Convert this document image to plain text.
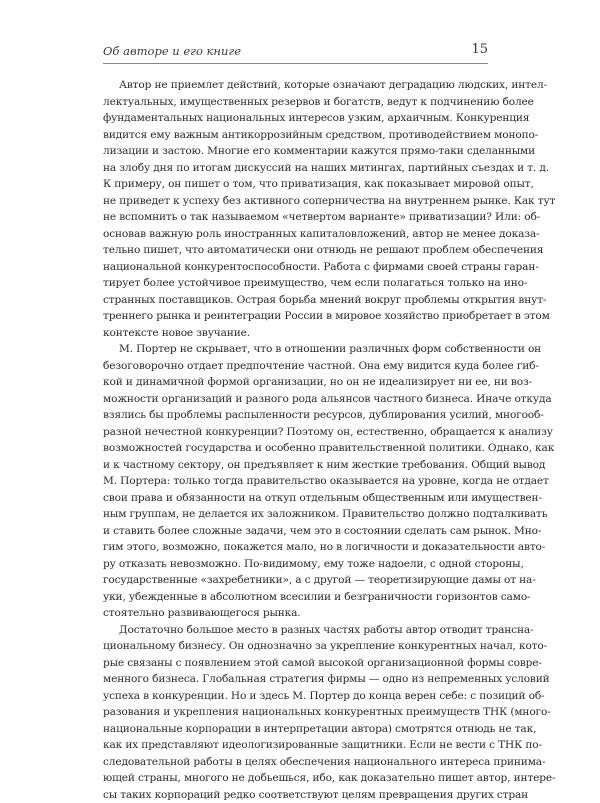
Об авторе и его книге	15
Автор не приемлет действий, которые означают деградацию людских, интел-
лектуальных, имущественных резервов и богатств, ведут к подчинению более
фундаментальных национальных интересов узким, архаичным. Конкуренция
видится ему важным антикоррозийным средством, противодействием монопо-
лизации и застою. Многие его комментарии кажутся прямо-таки сделанными
на злобу дня по итогам дискуссий на наших митингах, партийных съездах и т. д.
К примеру, он пишет о том, что приватизация, как показывает мировой опыт,
не приведет к успеху без активного соперничества на внутреннем рынке. Как тут
не вспомнить о так называемом «четвертом варианте» приватизации? Или: об-
основав важную роль иностранных капиталовложений, автор не менее доказа-
тельно пишет, что автоматически они отнюдь не решают проблем обеспечения
национальной конкурентоспособности. Работа с фирмами своей страны гаран-
тирует более устойчивое преимущество, чем если полагаться только на ино-
странных поставщиков. Острая борьба мнений вокруг проблемы открытия внут-
треннего рынка и реинтеграции России в мировое хозяйство приобретает в этом
контексте новое звучание.
М. Портер не скрывает, что в отношении различных форм собственности он
безоговорочно отдает предпочтение частной. Она ему видится куда более гиб-
кой и динамичной формой организации, но он не идеализирует ни ее, ни воз-
можности организаций и разного рода альянсов частного бизнеса. Иначе откуда
взялись бы проблемы распыленности ресурсов, дублирования усилий, многооб-
разной нечестной конкуренции? Поэтому он, естественно, обращается к анализу
возможностей государства и особенно правительственной политики. Однако, как
и к частному сектору, он предъявляет к ним жесткие требования. Общий вывод
М. Портера: только тогда правительство оказывается на уровне, когда не отдает
свои права и обязанности на откуп отдельным общественным или имуществен-
ным группам, не делается их заложником. Правительство должно подталкивать
и ставить более сложные задачи, чем это в состоянии сделать сам рынок. Мно-
гим этого, возможно, покажется мало, но в логичности и доказательности авто-
ру отказать невозможно. По-видимому, ему тоже надоели, с одной стороны,
государственные «захребетники», а с другой — теоретизирующие дамы от на-
уки, убежденные в абсолютном всесилии и безграничности горизонтов само-
стоятельно развивающегося рынка.
Достаточно большое место в разных частях работы автор отводит трансна-
циональному бизнесу. Он однозначно за укрепление конкурентных начал, кото-
рые связаны с появлением этой самой высокой организационной формы совре-
менного бизнеса. Глобальная стратегия фирмы — одно из непременных условий
успеха в конкуренции. Но и здесь М. Портер до конца верен себе: с позиций об-
разования и укрепления национальных конкурентных преимуществ ТНК (много-
национальные корпорации в интерпретации автора) смотрятся отнюдь не так,
как их представляют идеологизированные защитники. Если не вести с ТНК по-
следовательной работы в целях обеспечения национального интереса принима-
ющей страны, многого не добьешься, ибо, как доказательно пишет автор, интере-
сы таких корпораций редко соответствуют целям превращения других стран
